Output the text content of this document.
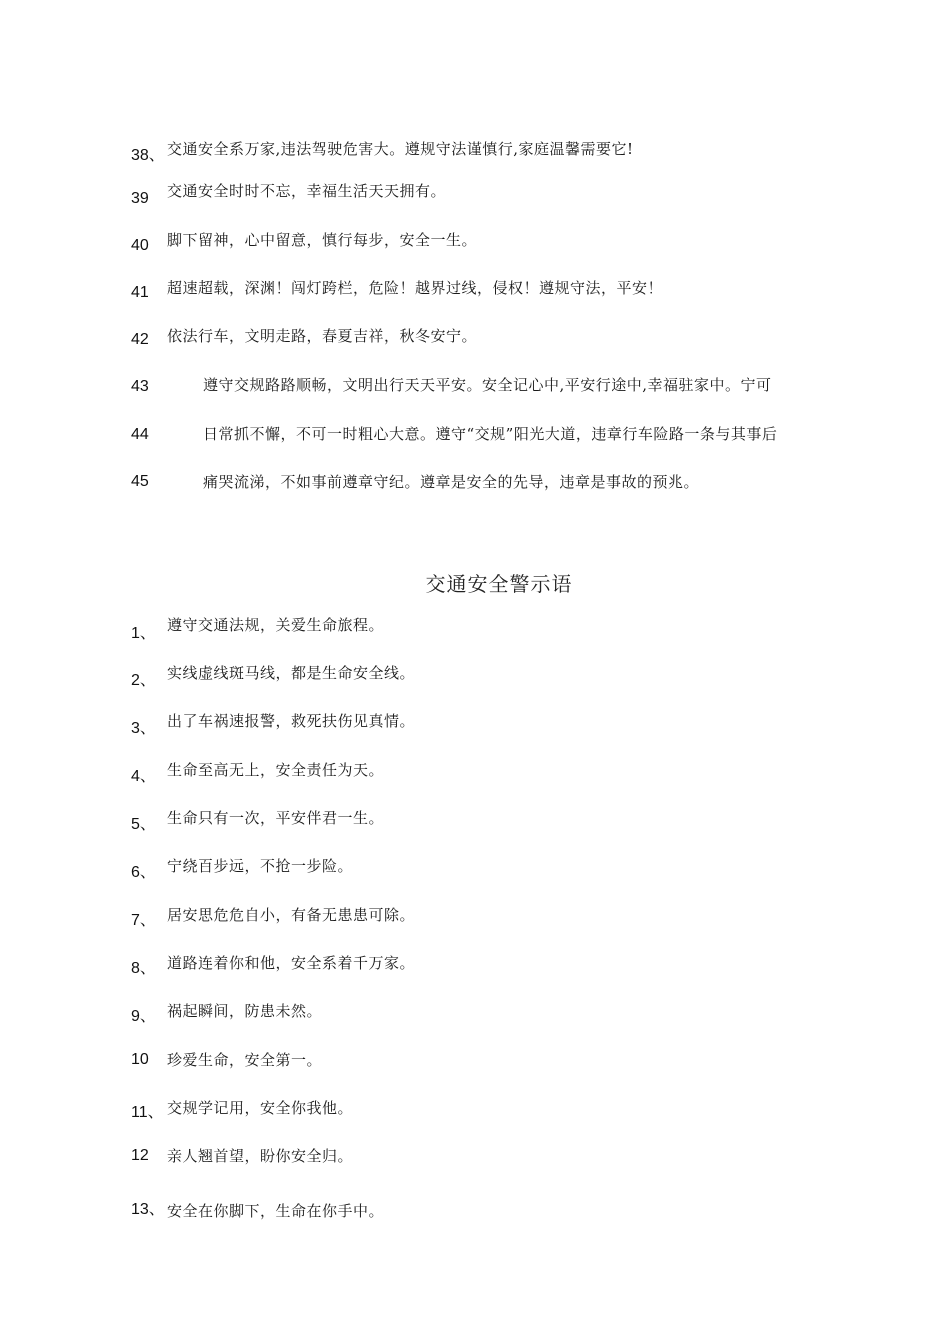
38、 交通安全系万家,违法驾驶危害大。遵规守法谨慎行,家庭温馨需要它!
39 交通安全时时不忘，幸福生活天天拥有。
40 脚下留神，心中留意，慎行每步，安全一生。
41 超速超载，深渊！闯灯跨栏，危险！越界过线，侵权！遵规守法，平安！
42 依法行车，文明走路，春夏吉祥，秋冬安宁。
43	遵守交规路路顺畅，文明出行天天平安。安全记心中,平安行途中,幸福驻家中。宁可
44	日常抓不懈，不可一时粗心大意。遵守“交规”阳光大道，违章行车险路一条与其事后
45	痛哭流涕，不如事前遵章守纪。遵章是安全的先导，违章是事故的预兆。
交通安全警示语
1、 遵守交通法规，关爱生命旅程。
2、 实线虚线斑马线，都是生命安全线。
3、 出了车祸速报警，救死扶伤见真情。
4、 生命至高无上，安全责任为天。
5、 生命只有一次，平安伴君一生。
6、 宁绕百步远，不抢一步险。
7、 居安思危危自小，有备无患患可除。
8、 道路连着你和他，安全系着千万家。
9、 祸起瞬间，防患未然。
10 珍爱生命，安全第一。
11、 交规学记用，安全你我他。
12 亲人翘首望，盼你安全归。
13、 安全在你脚下，生命在你手中。
